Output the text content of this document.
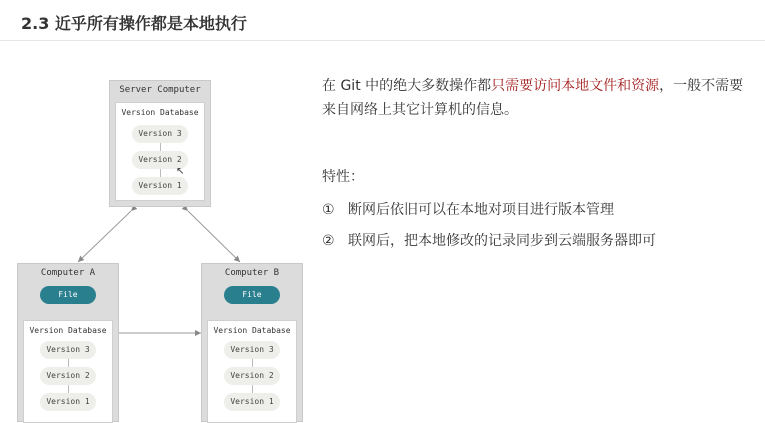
2.3 近乎所有操作都是本地执行
Server Computer
Version Database
Version 3
Version 2
Version 1
↖
Computer A
File
Version Database
Version 3
Version 2
Version 1
Computer B
File
Version Database
Version 3
Version 2
Version 1
在 Git 中的绝大多数操作都只需要访问本地文件和资源，一般不需要来自网络上其它计算机的信息。
特性：
① 断网后依旧可以在本地对项目进行版本管理
② 联网后，把本地修改的记录同步到云端服务器即可
